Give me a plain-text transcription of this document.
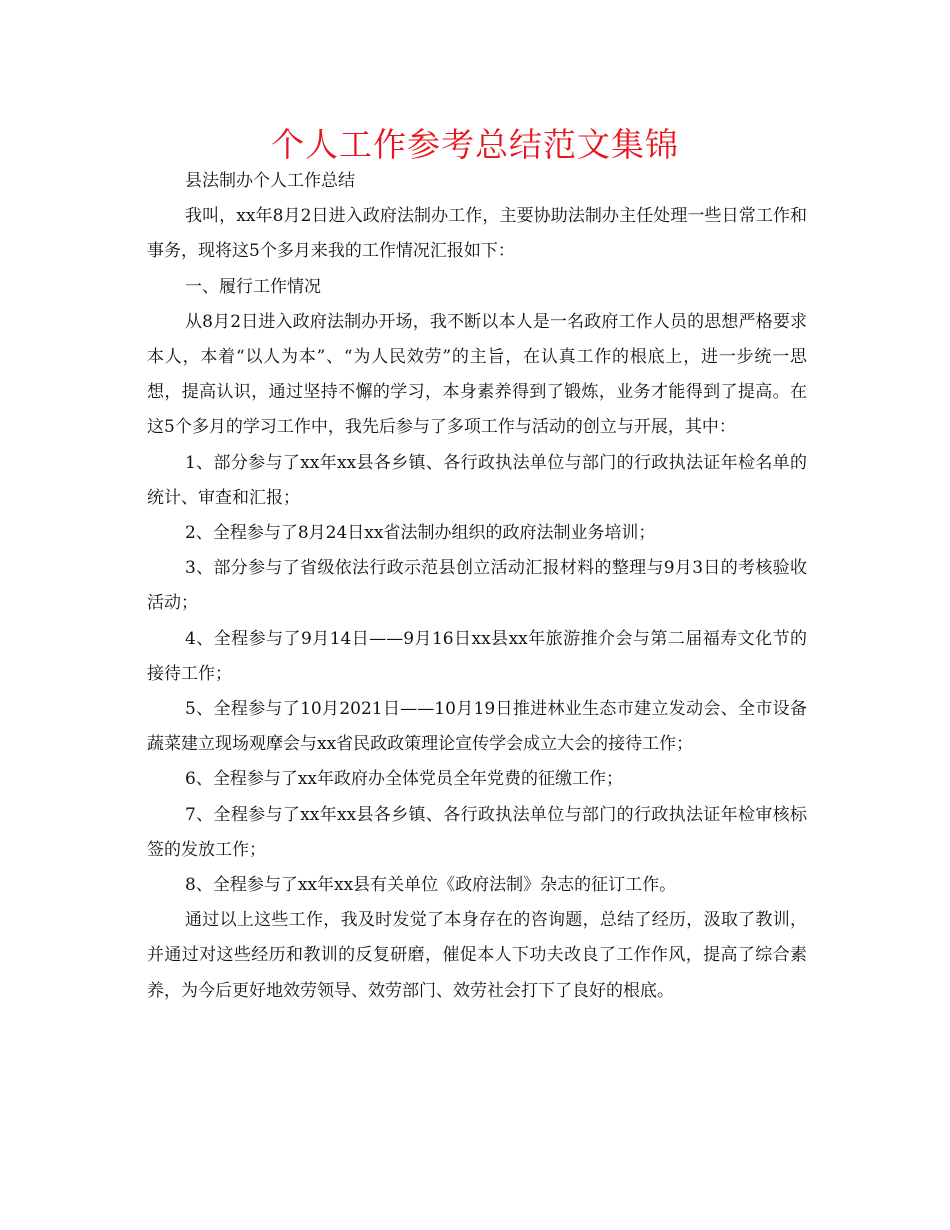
个人工作参考总结范文集锦

县法制办个人工作总结

我叫，xx年8月2日进入政府法制办工作，主要协助法制办主任处理一些日常工作和事务，现将这5个多月来我的工作情况汇报如下：

一、履行工作情况

从8月2日进入政府法制办开场，我不断以本人是一名政府工作人员的思想严格要求本人，本着“以人为本”、“为人民效劳”的主旨，在认真工作的根底上，进一步统一思想，提高认识，通过坚持不懈的学习，本身素养得到了锻炼，业务才能得到了提高。在这5个多月的学习工作中，我先后参与了多项工作与活动的创立与开展，其中：

1、部分参与了xx年xx县各乡镇、各行政执法单位与部门的行政执法证年检名单的统计、审查和汇报；

2、全程参与了8月24日xx省法制办组织的政府法制业务培训；

3、部分参与了省级依法行政示范县创立活动汇报材料的整理与9月3日的考核验收活动；

4、全程参与了9月14日——9月16日xx县xx年旅游推介会与第二届福寿文化节的接待工作；

5、全程参与了10月2021日——10月19日推进林业生态市建立发动会、全市设备蔬菜建立现场观摩会与xx省民政政策理论宣传学会成立大会的接待工作；

6、全程参与了xx年政府办全体党员全年党费的征缴工作；

7、全程参与了xx年xx县各乡镇、各行政执法单位与部门的行政执法证年检审核标签的发放工作；

8、全程参与了xx年xx县有关单位《政府法制》杂志的征订工作。

通过以上这些工作，我及时发觉了本身存在的咨询题，总结了经历，汲取了教训，并通过对这些经历和教训的反复研磨，催促本人下功夫改良了工作作风，提高了综合素养，为今后更好地效劳领导、效劳部门、效劳社会打下了良好的根底。
